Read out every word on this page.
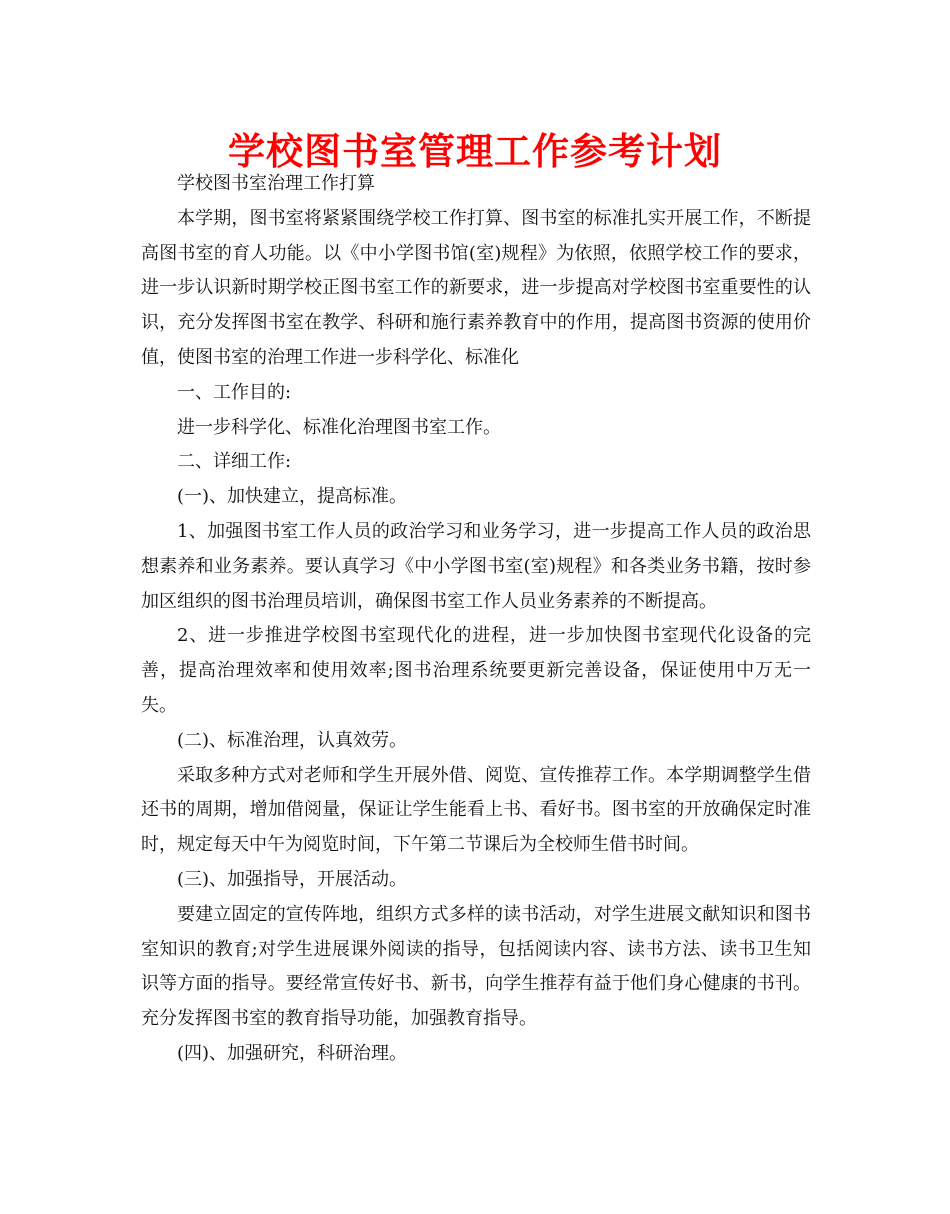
学校图书室管理工作参考计划

学校图书室治理工作打算

本学期，图书室将紧紧围绕学校工作打算、图书室的标准扎实开展工作，不断提高图书室的育人功能。以《中小学图书馆(室)规程》为依照，依照学校工作的要求，进一步认识新时期学校正图书室工作的新要求，进一步提高对学校图书室重要性的认识，充分发挥图书室在教学、科研和施行素养教育中的作用，提高图书资源的使用价值，使图书室的治理工作进一步科学化、标准化

一、工作目的:

进一步科学化、标准化治理图书室工作。

二、详细工作:

(一)、加快建立，提高标准。

1、加强图书室工作人员的政治学习和业务学习，进一步提高工作人员的政治思想素养和业务素养。要认真学习《中小学图书室(室)规程》和各类业务书籍，按时参加区组织的图书治理员培训，确保图书室工作人员业务素养的不断提高。

2、进一步推进学校图书室现代化的进程，进一步加快图书室现代化设备的完善，提高治理效率和使用效率;图书治理系统要更新完善设备，保证使用中万无一失。

(二)、标准治理，认真效劳。

采取多种方式对老师和学生开展外借、阅览、宣传推荐工作。本学期调整学生借还书的周期，增加借阅量，保证让学生能看上书、看好书。图书室的开放确保定时准时，规定每天中午为阅览时间，下午第二节课后为全校师生借书时间。

(三)、加强指导，开展活动。

要建立固定的宣传阵地，组织方式多样的读书活动，对学生进展文献知识和图书室知识的教育;对学生进展课外阅读的指导，包括阅读内容、读书方法、读书卫生知识等方面的指导。要经常宣传好书、新书，向学生推荐有益于他们身心健康的书刊。充分发挥图书室的教育指导功能，加强教育指导。

(四)、加强研究，科研治理。
